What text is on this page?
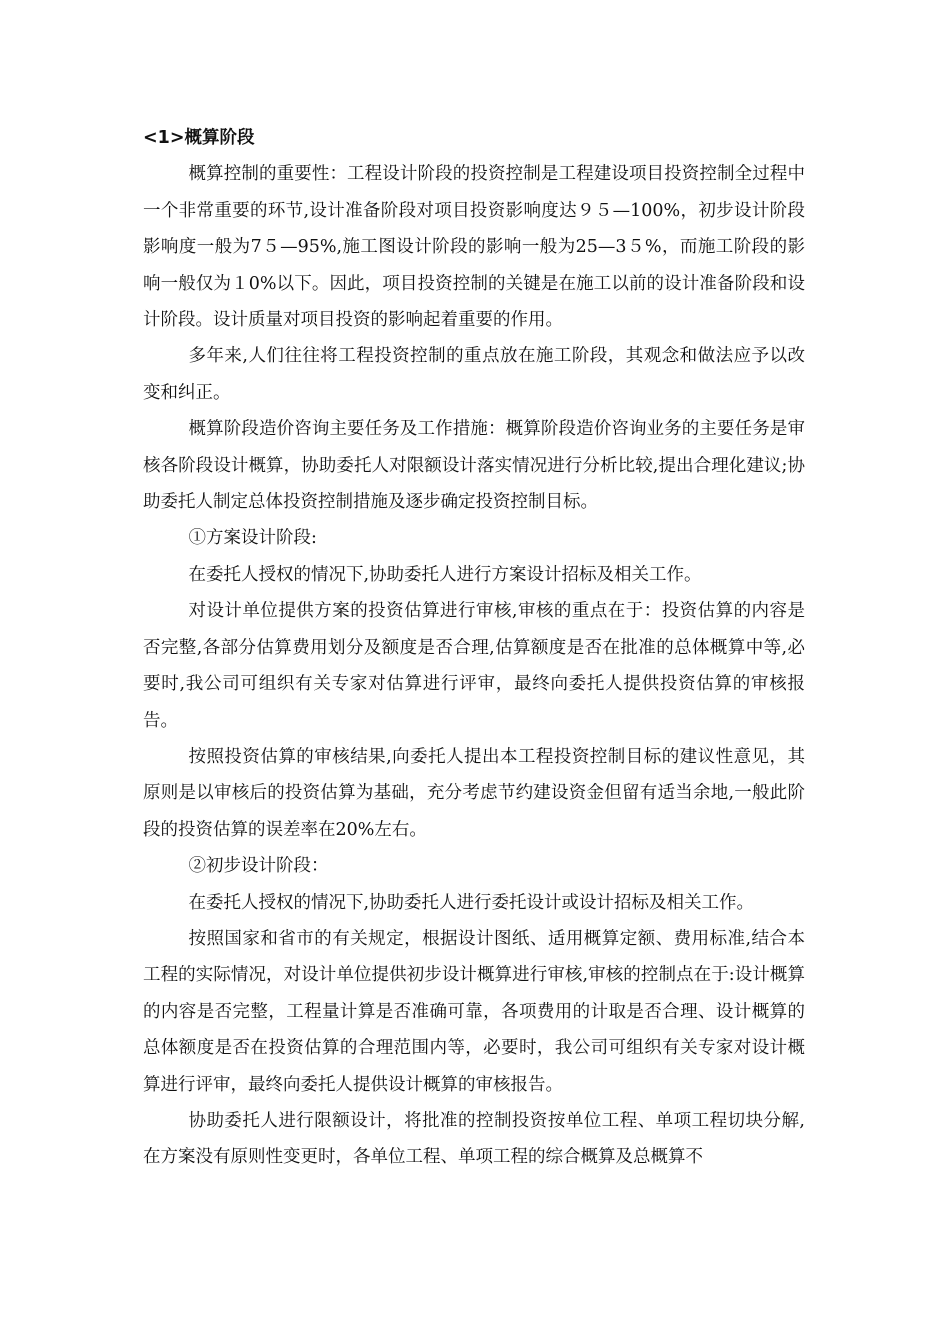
<1>概算阶段

概算控制的重要性：工程设计阶段的投资控制是工程建设项目投资控制全过程中一个非常重要的环节,设计准备阶段对项目投资影响度达９５—100%，初步设计阶段影响度一般为7５—95%,施工图设计阶段的影响一般为25—3５%，而施工阶段的影响一般仅为１0%以下。因此，项目投资控制的关键是在施工以前的设计准备阶段和设计阶段。设计质量对项目投资的影响起着重要的作用。

多年来,人们往往将工程投资控制的重点放在施工阶段，其观念和做法应予以改变和纠正。

概算阶段造价咨询主要任务及工作措施：概算阶段造价咨询业务的主要任务是审核各阶段设计概算，协助委托人对限额设计落实情况进行分析比较,提出合理化建议;协助委托人制定总体投资控制措施及逐步确定投资控制目标。

①方案设计阶段:

在委托人授权的情况下,协助委托人进行方案设计招标及相关工作。

对设计单位提供方案的投资估算进行审核,审核的重点在于：投资估算的内容是否完整,各部分估算费用划分及额度是否合理,估算额度是否在批准的总体概算中等,必要时,我公司可组织有关专家对估算进行评审，最终向委托人提供投资估算的审核报告。

按照投资估算的审核结果,向委托人提出本工程投资控制目标的建议性意见，其原则是以审核后的投资估算为基础，充分考虑节约建设资金但留有适当余地,一般此阶段的投资估算的误差率在20%左右。

②初步设计阶段：

在委托人授权的情况下,协助委托人进行委托设计或设计招标及相关工作。

按照国家和省市的有关规定，根据设计图纸、适用概算定额、费用标准,结合本工程的实际情况，对设计单位提供初步设计概算进行审核,审核的控制点在于:设计概算的内容是否完整，工程量计算是否准确可靠，各项费用的计取是否合理、设计概算的总体额度是否在投资估算的合理范围内等，必要时，我公司可组织有关专家对设计概算进行评审，最终向委托人提供设计概算的审核报告。

协助委托人进行限额设计，将批准的控制投资按单位工程、单项工程切块分解,在方案没有原则性变更时，各单位工程、单项工程的综合概算及总概算不
